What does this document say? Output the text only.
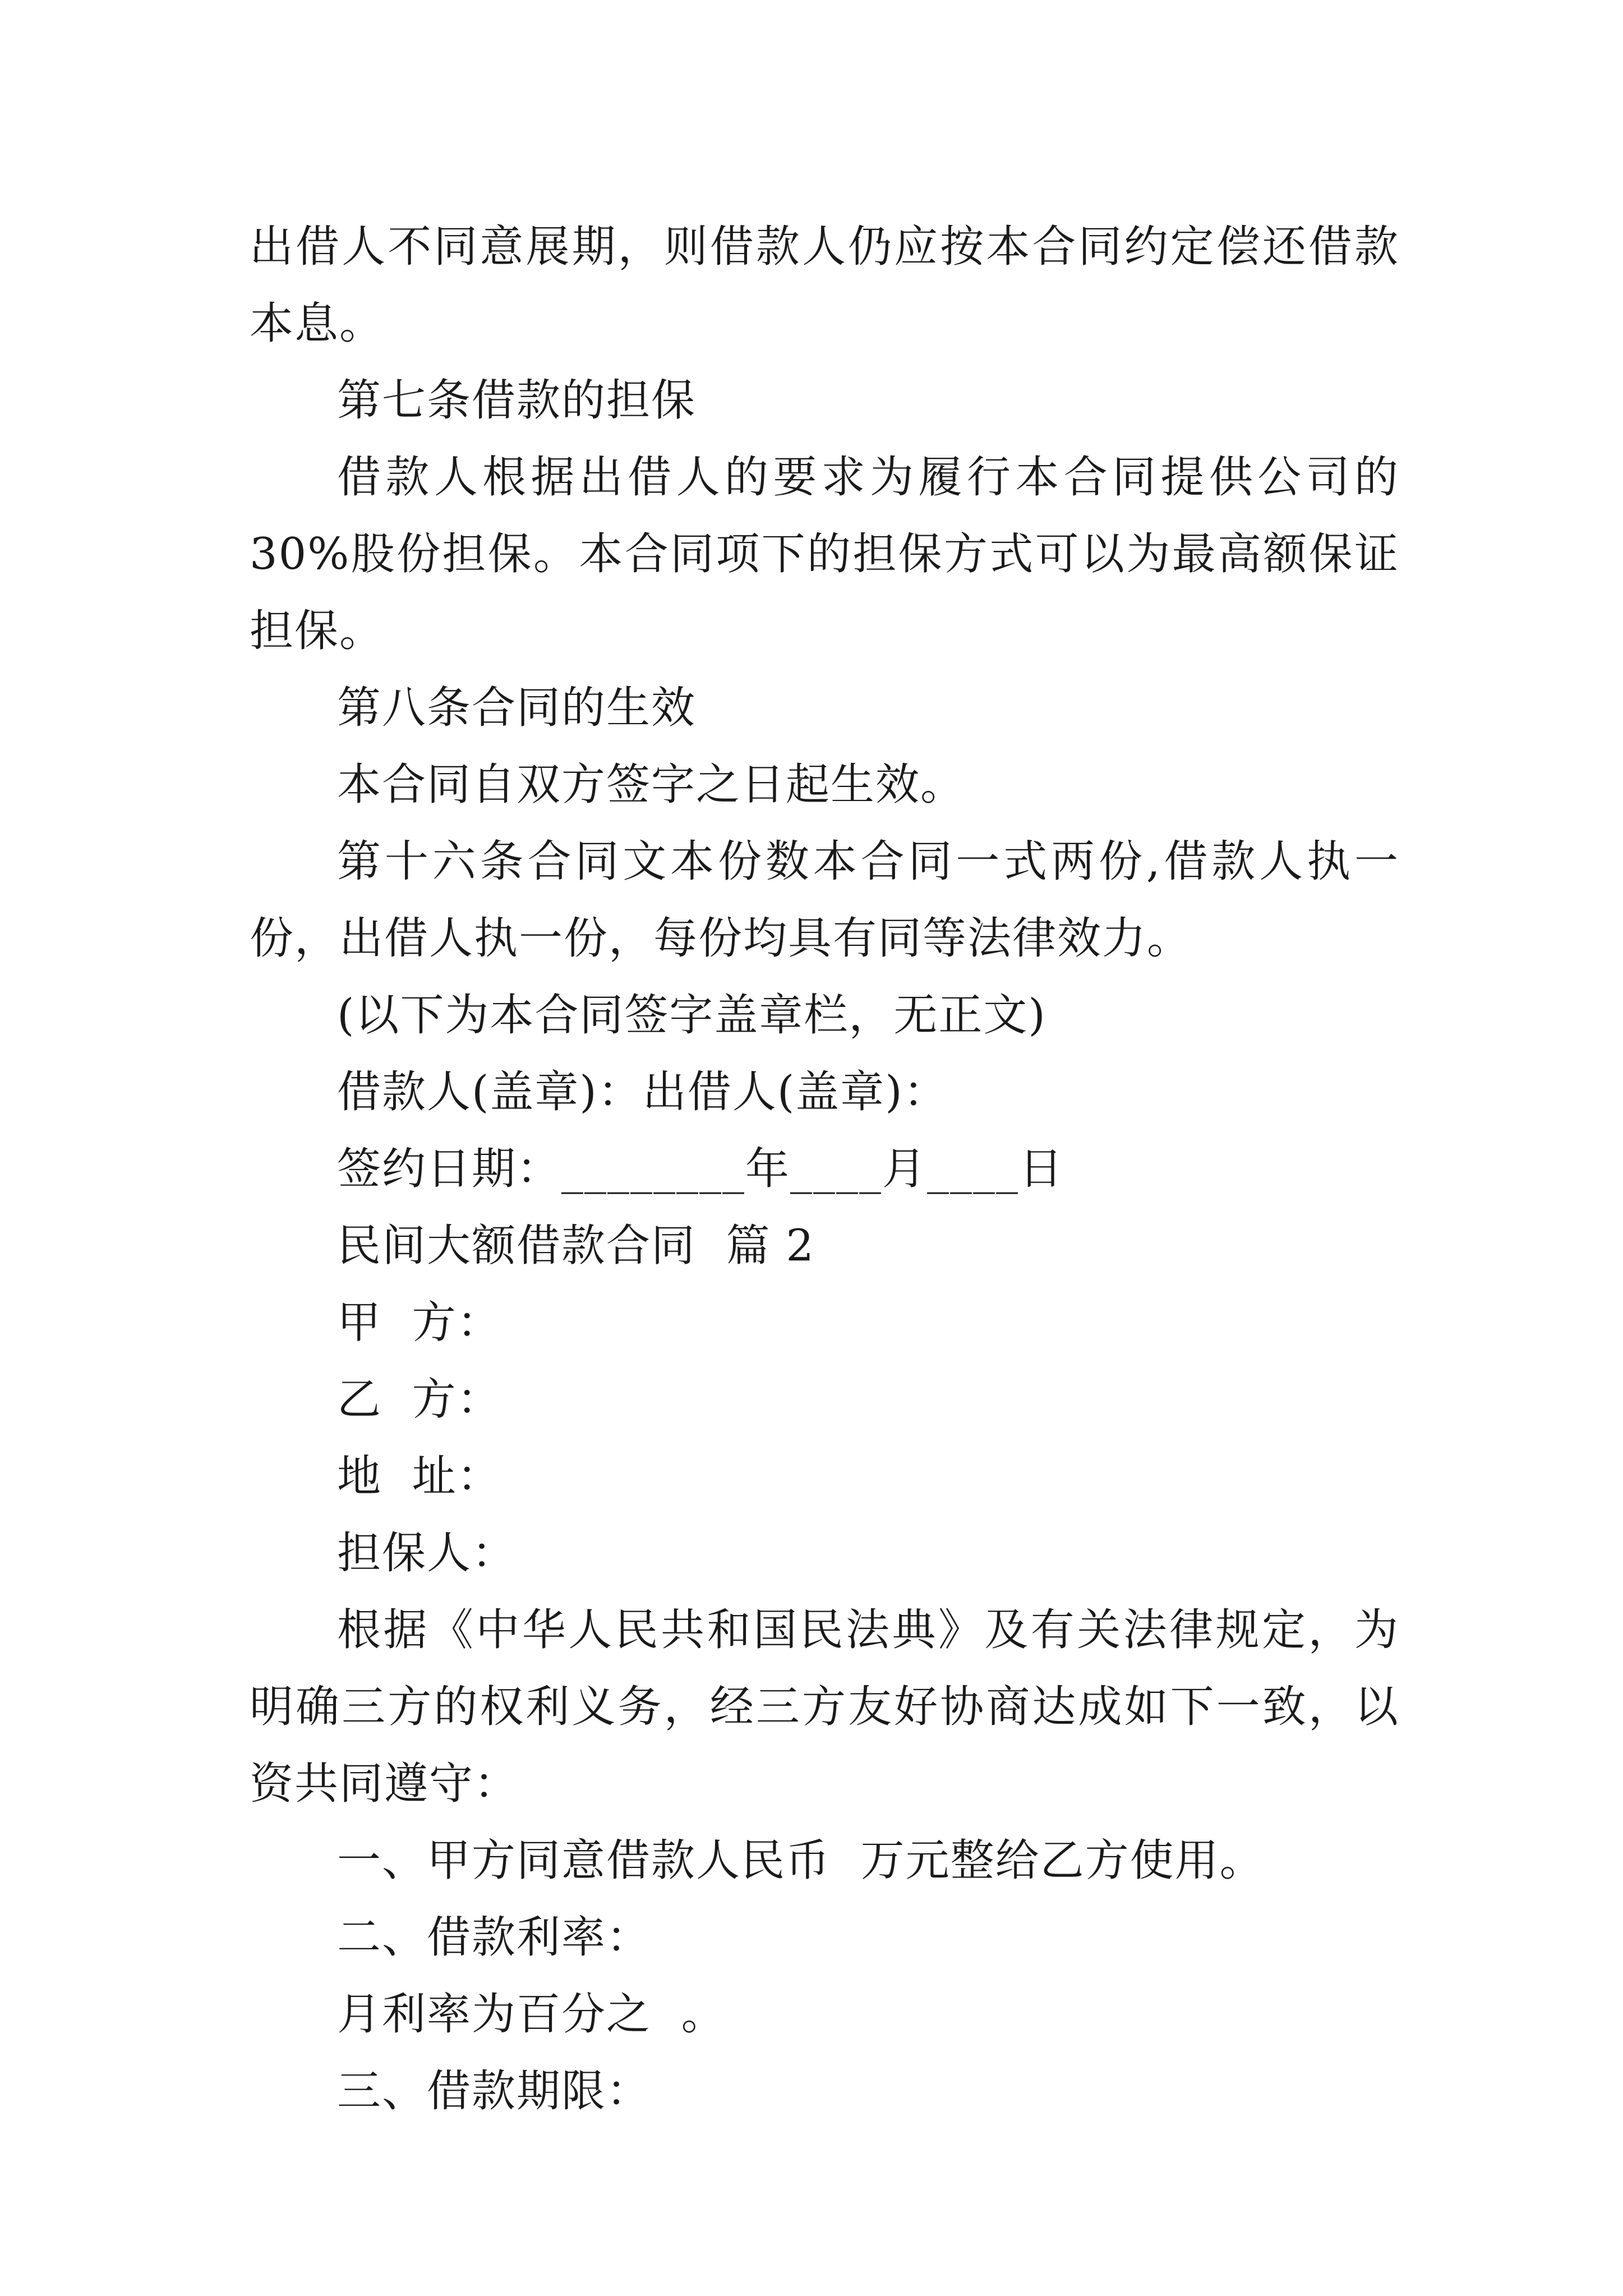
出借人不同意展期，则借款人仍应按本合同约定偿还借款本息。

第七条借款的担保

借款人根据出借人的要求为履行本合同提供公司的 30%股份担保。本合同项下的担保方式可以为最高额保证担保。

第八条合同的生效

本合同自双方签字之日起生效。

第十六条合同文本份数本合同一式两份,借款人执一份，出借人执一份，每份均具有同等法律效力。

(以下为本合同签字盖章栏，无正文)

借款人(盖章)：出借人(盖章)：

签约日期：________年____月____日

民间大额借款合同  篇 2

甲  方：

乙  方：

地  址：

担保人：

根据《中华人民共和国民法典》及有关法律规定，为明确三方的权利义务，经三方友好协商达成如下一致，以资共同遵守：

一、甲方同意借款人民币  万元整给乙方使用。

二、借款利率：

月利率为百分之  。

三、借款期限：
